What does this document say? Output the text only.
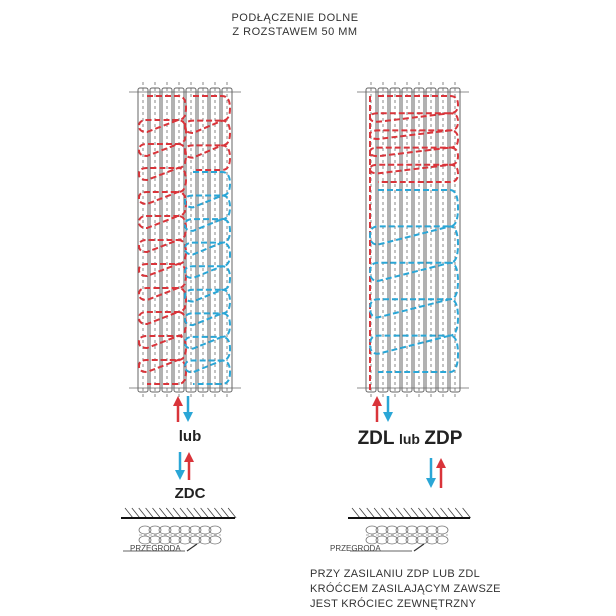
PODŁĄCZENIE DOLNE
Z ROZSTAWEM 50 MM
lub
ZDC
PRZEGRODA
ZDL lub ZDP
PRZEGRODA
PRZY ZASILANIU ZDP LUB ZDL
KRÓĆCEM ZASILAJĄCYM ZAWSZE
JEST KRÓCIEC ZEWNĘTRZNY
